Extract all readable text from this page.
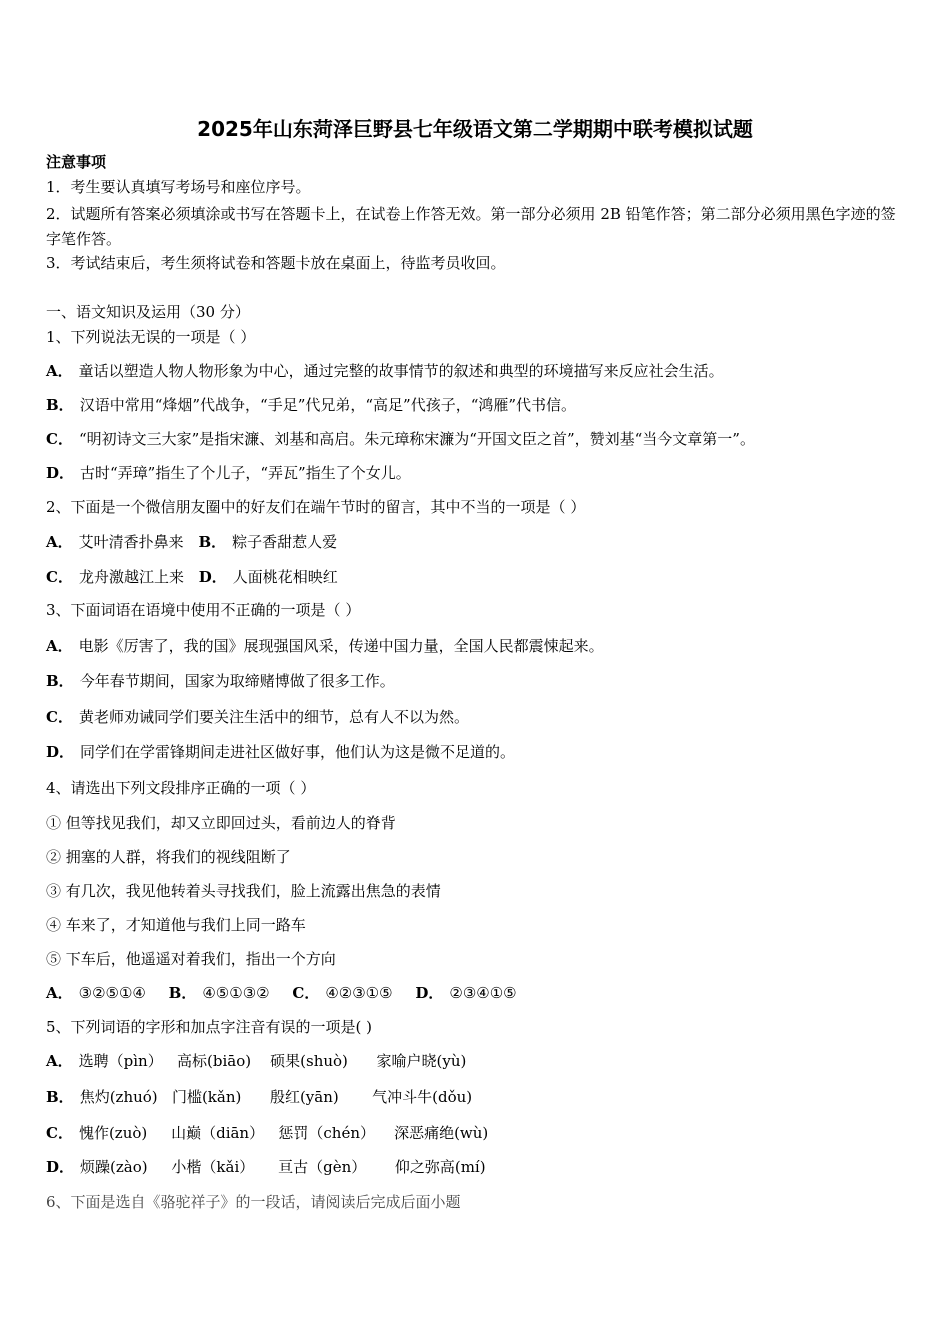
2025年山东菏泽巨野县七年级语文第二学期期中联考模拟试题
注意事项
1．考生要认真填写考场号和座位序号。
2．试题所有答案必须填涂或书写在答题卡上，在试卷上作答无效。第一部分必须用 2B 铅笔作答；第二部分必须用黑色字迹的签字笔作答。
3．考试结束后，考生须将试卷和答题卡放在桌面上，待监考员收回。
一、语文知识及运用（30 分）
1、下列说法无误的一项是（ ）
A． 童话以塑造人物人物形象为中心，通过完整的故事情节的叙述和典型的环境描写来反应社会生活。
B． 汉语中常用“烽烟”代战争，“手足”代兄弟，“高足”代孩子，“鸿雁”代书信。
C． “明初诗文三大家”是指宋濂、刘基和高启。朱元璋称宋濂为“开国文臣之首”，赞刘基“当今文章第一”。
D． 古时“弄璋”指生了个儿子，“弄瓦”指生了个女儿。
2、下面是一个微信朋友圈中的好友们在端午节时的留言，其中不当的一项是（ ）
A． 艾叶清香扑鼻来 B． 粽子香甜惹人爱
C． 龙舟激越江上来 D． 人面桃花相映红
3、下面词语在语境中使用不正确的一项是（ ）
A． 电影《厉害了，我的国》展现强国风采，传递中国力量，全国人民都震悚起来。
B． 今年春节期间，国家为取缔赌博做了很多工作。
C． 黄老师劝诫同学们要关注生活中的细节，总有人不以为然。
D． 同学们在学雷锋期间走进社区做好事，他们认为这是微不足道的。
4、请选出下列文段排序正确的一项（ ）
① 但等找见我们，却又立即回过头，看前边人的脊背
② 拥塞的人群，将我们的视线阻断了
③ 有几次，我见他转着头寻找我们，脸上流露出焦急的表情
④ 车来了，才知道他与我们上同一路车
⑤ 下车后，他遥遥对着我们，指出一个方向
A． ③②⑤①④ B． ④⑤①③② C． ④②③①⑤ D． ②③④①⑤
5、下列词语的字形和加点字注音有误的一项是( )
A． 选聘（pìn）   高标(biāo)    硕果(shuò)      家喻户晓(yù)
B． 焦灼(zhuó)   门槛(kǎn)      殷红(yān)       气冲斗牛(dǒu)
C． 愧作(zuò)     山巅（diān）   惩罚（chén）    深恶痛绝(wù)
D． 烦躁(zào)     小楷（kǎi）     亘古（gèn）      仰之弥高(mí)
6、下面是选自《骆驼祥子》的一段话，请阅读后完成后面小题
